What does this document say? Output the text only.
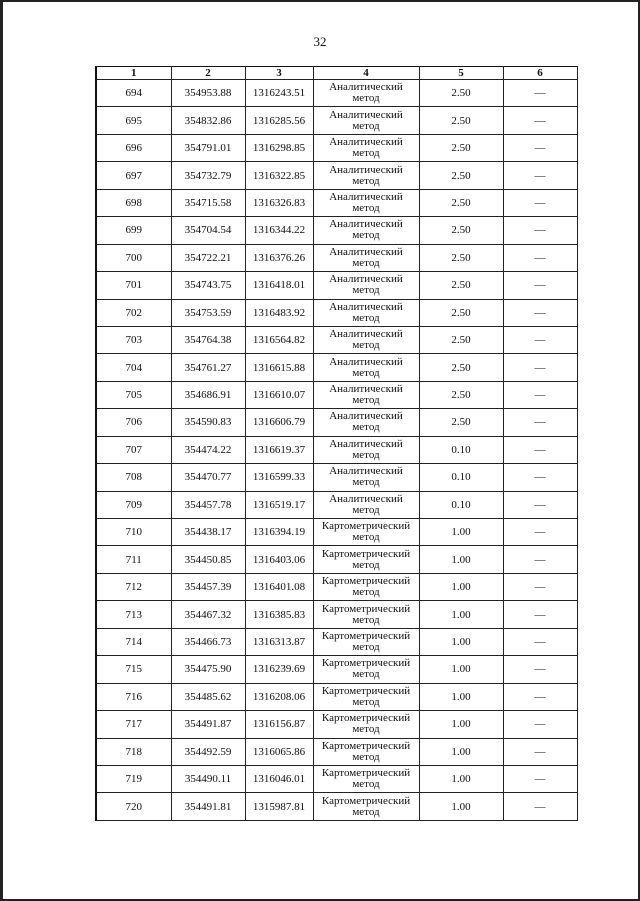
32
1	2	3	4	5	6
694	354953.88	1316243.51	Аналитический
метод	2.50	—
695	354832.86	1316285.56	Аналитический
метод	2.50	—
696	354791.01	1316298.85	Аналитический
метод	2.50	—
697	354732.79	1316322.85	Аналитический
метод	2.50	—
698	354715.58	1316326.83	Аналитический
метод	2.50	—
699	354704.54	1316344.22	Аналитический
метод	2.50	—
700	354722.21	1316376.26	Аналитический
метод	2.50	—
701	354743.75	1316418.01	Аналитический
метод	2.50	—
702	354753.59	1316483.92	Аналитический
метод	2.50	—
703	354764.38	1316564.82	Аналитический
метод	2.50	—
704	354761.27	1316615.88	Аналитический
метод	2.50	—
705	354686.91	1316610.07	Аналитический
метод	2.50	—
706	354590.83	1316606.79	Аналитический
метод	2.50	—
707	354474.22	1316619.37	Аналитический
метод	0.10	—
708	354470.77	1316599.33	Аналитический
метод	0.10	—
709	354457.78	1316519.17	Аналитический
метод	0.10	—
710	354438.17	1316394.19	Картометрический
метод	1.00	—
711	354450.85	1316403.06	Картометрический
метод	1.00	—
712	354457.39	1316401.08	Картометрический
метод	1.00	—
713	354467.32	1316385.83	Картометрический
метод	1.00	—
714	354466.73	1316313.87	Картометрический
метод	1.00	—
715	354475.90	1316239.69	Картометрический
метод	1.00	—
716	354485.62	1316208.06	Картометрический
метод	1.00	—
717	354491.87	1316156.87	Картометрический
метод	1.00	—
718	354492.59	1316065.86	Картометрический
метод	1.00	—
719	354490.11	1316046.01	Картометрический
метод	1.00	—
720	354491.81	1315987.81	Картометрический
метод	1.00	—
